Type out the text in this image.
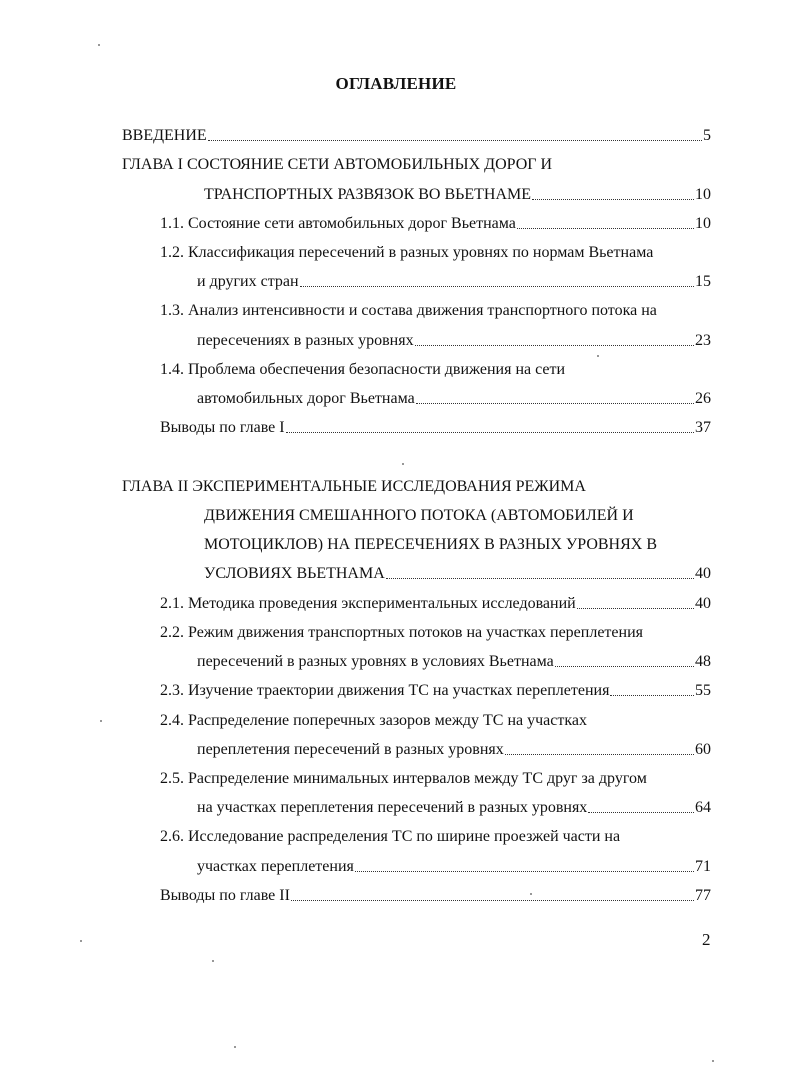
ОГЛАВЛЕНИЕ
ВВЕДЕНИЕ	5
ГЛАВА I СОСТОЯНИЕ СЕТИ АВТОМОБИЛЬНЫХ ДОРОГ И
ТРАНСПОРТНЫХ РАЗВЯЗОК ВО ВЬЕТНАМЕ	10
1.1. Состояние сети автомобильных дорог Вьетнама	10
1.2. Классификация пересечений в разных уровнях по нормам Вьетнама
и других стран	15
1.3. Анализ интенсивности и состава движения транспортного потока на
пересечениях в разных уровнях	23
1.4. Проблема обеспечения безопасности движения на сети
автомобильных дорог Вьетнама	26
Выводы по главе I	37
ГЛАВА II ЭКСПЕРИМЕНТАЛЬНЫЕ ИССЛЕДОВАНИЯ РЕЖИМА
ДВИЖЕНИЯ СМЕШАННОГО ПОТОКА (АВТОМОБИЛЕЙ И
МОТОЦИКЛОВ) НА ПЕРЕСЕЧЕНИЯХ В РАЗНЫХ УРОВНЯХ В
УСЛОВИЯХ ВЬЕТНАМА	40
2.1. Методика проведения экспериментальных исследований	40
2.2. Режим движения транспортных потоков на участках переплетения
пересечений в разных уровнях в условиях Вьетнама	48
2.3. Изучение траектории движения ТС на участках переплетения	55
2.4. Распределение поперечных зазоров между ТС на участках
переплетения пересечений в разных уровнях	60
2.5. Распределение минимальных интервалов между ТС друг за другом
на участках переплетения пересечений в разных уровнях	64
2.6. Исследование распределения ТС по ширине проезжей части на
участках переплетения	71
Выводы по главе II	77
2
